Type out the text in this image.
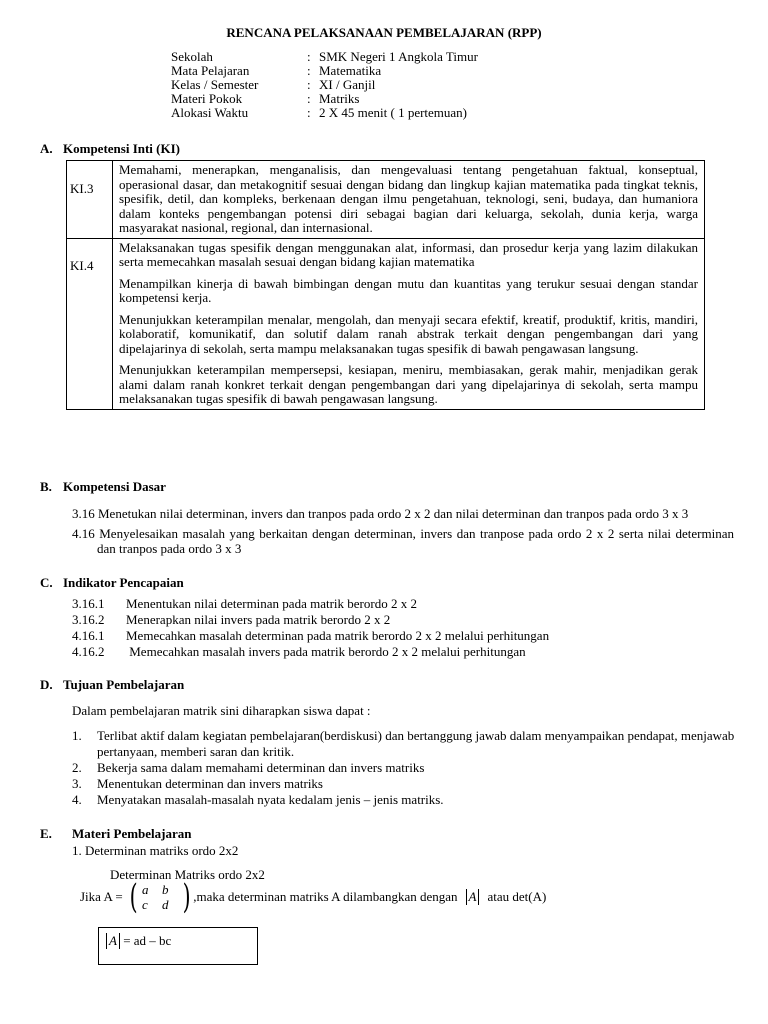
RENCANA PELAKSANAAN PEMBELAJARAN (RPP)
Sekolah	: SMK Negeri 1 Angkola Timur
Mata Pelajaran	: Matematika
Kelas / Semester	: XI / Ganjil
Materi Pokok	: Matriks
Alokasi Waktu	: 2 X 45 menit ( 1 pertemuan)
A. Kompetensi Inti (KI)
KI.3	Memahami, menerapkan, menganalisis, dan mengevaluasi tentang pengetahuan faktual, konseptual, operasional dasar, dan metakognitif sesuai dengan bidang dan lingkup kajian matematika pada tingkat teknis, spesifik, detil, dan kompleks, berkenaan dengan ilmu pengetahuan, teknologi, seni, budaya, dan humaniora dalam konteks pengembangan potensi diri sebagai bagian dari keluarga, sekolah, dunia kerja, warga masyarakat nasional, regional, dan internasional.

KI.4	Melaksanakan tugas spesifik dengan menggunakan alat, informasi, dan prosedur kerja yang lazim dilakukan serta memecahkan masalah sesuai dengan bidang kajian matematika

Menampilkan kinerja di bawah bimbingan dengan mutu dan kuantitas yang terukur sesuai dengan standar kompetensi kerja.

Menunjukkan keterampilan menalar, mengolah, dan menyaji secara efektif, kreatif, produktif, kritis, mandiri, kolaboratif, komunikatif, dan solutif dalam ranah abstrak terkait dengan pengembangan dari yang dipelajarinya di sekolah, serta mampu melaksanakan tugas spesifik di bawah pengawasan langsung.

Menunjukkan keterampilan mempersepsi, kesiapan, meniru, membiasakan, gerak mahir, menjadikan gerak alami dalam ranah konkret terkait dengan pengembangan dari yang dipelajarinya di sekolah, serta mampu melaksanakan tugas spesifik di bawah pengawasan langsung.

B. Kompetensi Dasar
3.16 Menetukan nilai determinan, invers dan tranpos pada ordo 2 x 2 dan nilai determinan dan tranpos pada ordo 3 x 3
4.16 Menyelesaikan masalah yang berkaitan dengan determinan, invers dan tranpose pada ordo 2 x 2 serta nilai determinan dan tranpos pada ordo 3 x 3
C. Indikator Pencapaian
3.16.1	Menentukan nilai determinan pada matrik berordo 2 x 2
3.16.2	Menerapkan nilai invers pada matrik berordo 2 x 2
4.16.1	Memecahkan masalah determinan pada matrik berordo 2 x 2 melalui perhitungan
4.16.2	Memecahkan masalah invers pada matrik berordo 2 x 2 melalui perhitungan
D. Tujuan Pembelajaran
Dalam pembelajaran matrik sini diharapkan siswa dapat :
1.	Terlibat aktif dalam kegiatan pembelajaran(berdiskusi) dan bertanggung jawab dalam menyampaikan pendapat, menjawab pertanyaan, memberi saran dan kritik.
2.	Bekerja sama dalam memahami determinan dan invers matriks
3.	Menentukan determinan dan invers matriks
4.	Menyatakan masalah-masalah nyata kedalam jenis – jenis matriks.
E. Materi Pembelajaran
1. Determinan matriks ordo 2x2
Determinan Matriks ordo 2x2
Jika A = ( a	b
c	d ) ,maka determinan matriks A dilambangkan dengan A atau det(A)
A = ad – bc
